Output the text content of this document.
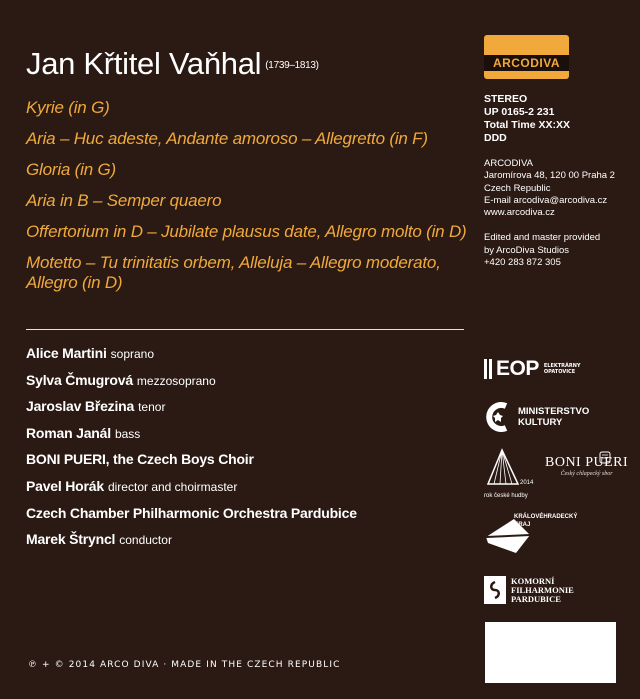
Jan Křtitel Vaňhal (1739–1813)
Kyrie (in G)
Aria – Huc adeste, Andante amoroso – Allegretto (in F)
Gloria (in G)
Aria in B – Semper quaero
Offertorium in D – Jubilate plausus date, Allegro molto (in D)
Motetto – Tu trinitatis orbem, Alleluja – Allegro moderato, Allegro (in D)
Alice Martini soprano
Sylva Čmugrová mezzosoprano
Jaroslav Březina tenor
Roman Janál bass
BONI PUERI, the Czech Boys Choir
Pavel Horák director and choirmaster
Czech Chamber Philharmonic Orchestra Pardubice
Marek Štryncl conductor
℗ + © 2014 ARCO DIVA · MADE IN THE CZECH REPUBLIC
ARCODIVA
STEREO
UP 0165-2 231
Total Time XX:XX
DDD
ARCODIVA
Jaromírova 48, 120 00 Praha 2
Czech Republic
E-mail arcodiva@arcodiva.cz
www.arcodiva.cz
Edited and master provided
by ArcoDiva Studios
+420 283 872 305
EOP ELEKTRÁRNY
OPATOVICE
MINISTERSTVO
KULTURY
2014
rok české hudby
BONI PUERI
Český chlapecký sbor
KRÁLOVÉHRADECKÝ
KRAJ
KOMORNÍ
FILHARMONIE
PARDUBICE
